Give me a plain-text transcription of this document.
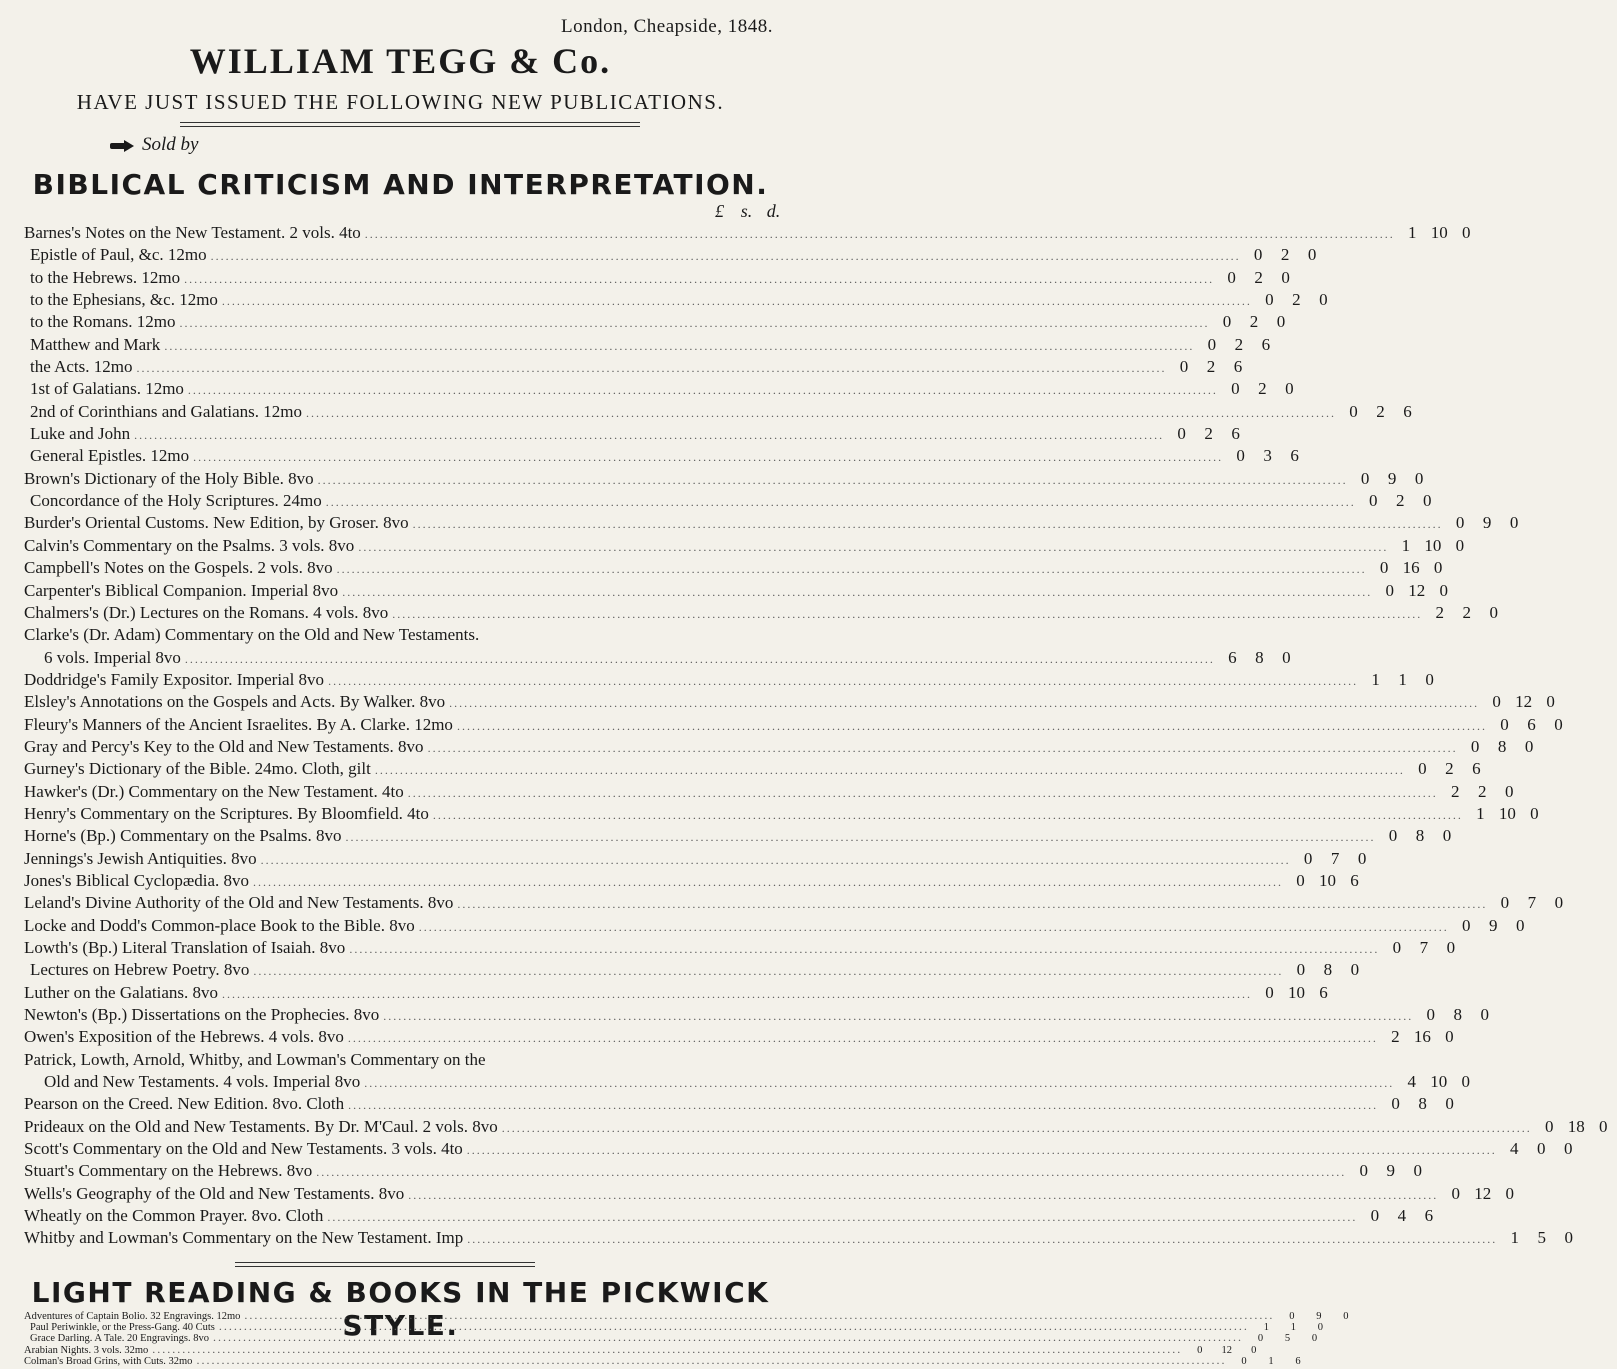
London, Cheapside, 1848.
WILLIAM TEGG & Co.
HAVE JUST ISSUED THE FOLLOWING NEW PUBLICATIONS.
Sold by
BIBLICAL CRITICISM AND INTERPRETATION.
£ s. d.
Barnes's Notes on the New Testament. 2 vols. 4to .....	1 10 0
Epistle of Paul, &c. 12mo .....	0	2	0
to the Hebrews. 12mo .....	0	2	0
to the Ephesians, &c. 12mo .....	0	2	0
to the Romans. 12mo .....	0	2	0
Matthew and Mark .....	0	2	6
the Acts. 12mo .....	0	2	6
1st of Galatians. 12mo .....	0	2	0
2nd of Corinthians and Galatians. 12mo .....	0	2	6
Luke and John .....	0	2	6
General Epistles. 12mo .....	0	3	6
Brown's Dictionary of the Holy Bible. 8vo .....	0	9	0
Concordance of the Holy Scriptures. 24mo .....	0	2	0
Burder's Oriental Customs. New Edition, by Groser. 8vo .....	0	9	0
Calvin's Commentary on the Psalms. 3 vols. 8vo .....	1 10 0
Campbell's Notes on the Gospels. 2 vols. 8vo .....	0 16 0
Carpenter's Biblical Companion. Imperial 8vo .....	0 12 0
Chalmers's (Dr.) Lectures on the Romans. 4 vols. 8vo .....	2	2	0
Clarke's (Dr. Adam) Commentary on the Old and New Testaments.
6 vols. Imperial 8vo .....	6	8	0
Doddridge's Family Expositor. Imperial 8vo .....	1	1	0
Elsley's Annotations on the Gospels and Acts. By Walker. 8vo .....	0 12 0
Fleury's Manners of the Ancient Israelites. By A. Clarke. 12mo .....	0	6	0
Gray and Percy's Key to the Old and New Testaments. 8vo .....	0	8	0
Gurney's Dictionary of the Bible. 24mo. Cloth, gilt .....	0	2	6
Hawker's (Dr.) Commentary on the New Testament. 4to .....	2	2	0
Henry's Commentary on the Scriptures. By Bloomfield. 4to .....	1 10 0
Horne's (Bp.) Commentary on the Psalms. 8vo .....	0	8	0
Jennings's Jewish Antiquities. 8vo .....	0	7	0
Jones's Biblical Cyclopædia. 8vo .....	0 10 6
Leland's Divine Authority of the Old and New Testaments. 8vo .....	0	7	0
Locke and Dodd's Common-place Book to the Bible. 8vo .....	0	9	0
Lowth's (Bp.) Literal Translation of Isaiah. 8vo .....	0	7	0
Lectures on Hebrew Poetry. 8vo .....	0	8	0
Luther on the Galatians. 8vo .....	0 10 6
Newton's (Bp.) Dissertations on the Prophecies. 8vo .....	0	8	0
Owen's Exposition of the Hebrews. 4 vols. 8vo .....	2 16 0
Patrick, Lowth, Arnold, Whitby, and Lowman's Commentary on the
Old and New Testaments. 4 vols. Imperial 8vo .....	4 10 0
Pearson on the Creed. New Edition. 8vo. Cloth .....	0	8	0
Prideaux on the Old and New Testaments. By Dr. M'Caul. 2 vols. 8vo .....	0 18 0
Scott's Commentary on the Old and New Testaments. 3 vols. 4to .....	4	0	0
Stuart's Commentary on the Hebrews. 8vo .....	0	9	0
Wells's Geography of the Old and New Testaments. 8vo .....	0 12 0
Wheatly on the Common Prayer. 8vo. Cloth .....	0	4	6
Whitby and Lowman's Commentary on the New Testament. Imp .....	1	5	0
LIGHT READING & BOOKS IN THE PICKWICK STYLE.
Adventures of Captain Bolio. 32 Engravings. 12mo .....	0	9	0
Paul Periwinkle, or the Press-Gang. 40 Cuts .....	1	1	0
Grace Darling. A Tale. 20 Engravings. 8vo .....	0	5	0
Arabian Nights. 3 vols. 32mo .....	0	12	0
Colman's Broad Grins, with Cuts. 32mo .....	0	1	6
